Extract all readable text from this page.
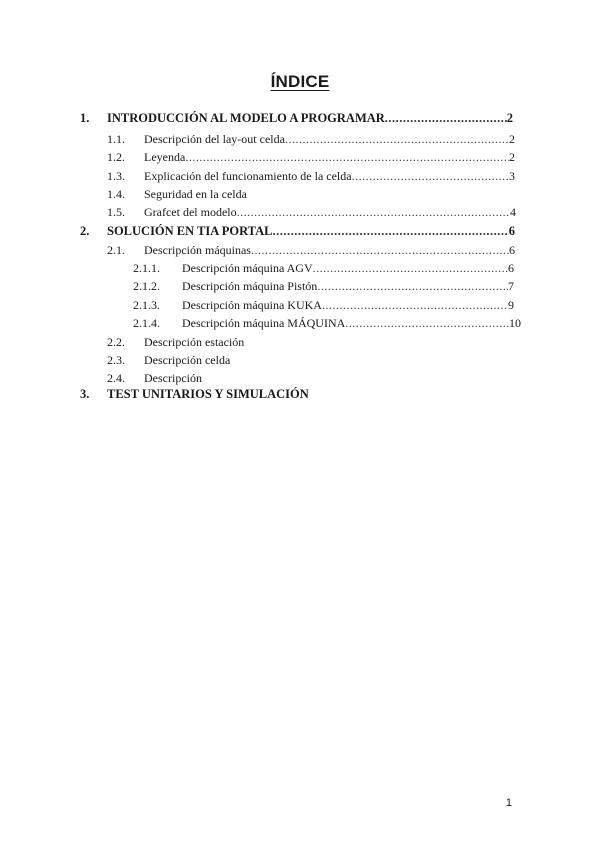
ÍNDICE
1.	INTRODUCCIÓN AL MODELO A PROGRAMAR .....	2
1.1.	Descripción del lay-out celda .....	2
1.2.	Leyenda .....	2
1.3.	Explicación del funcionamiento de la celda .....	3
1.4.	Seguridad en la celda
1.5.	Grafcet del modelo .....	4
2.	SOLUCIÓN EN TIA PORTAL .....	6
2.1.	Descripción máquinas .....	6
2.1.1.	Descripción máquina AGV .....	6
2.1.2.	Descripción máquina Pistón .....	7
2.1.3.	Descripción máquina KUKA .....	9
2.1.4.	Descripción máquina MÁQUINA .....	10
2.2.	Descripción estación
2.3.	Descripción celda
2.4.	Descripción
3.	TEST UNITARIOS Y SIMULACIÓN
1
